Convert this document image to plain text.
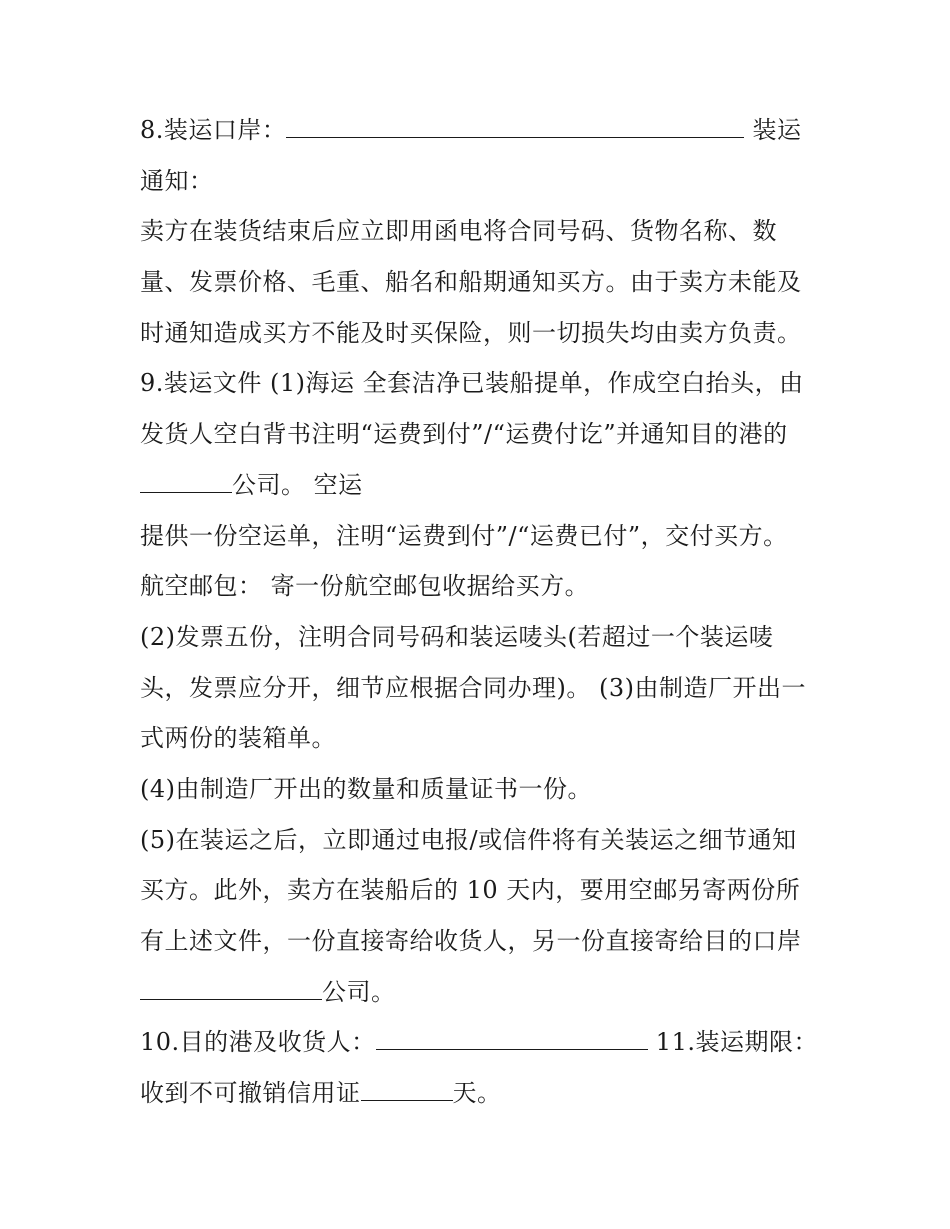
8.装运口岸：	装运
通知：
卖方在装货结束后应立即用函电将合同号码、货物名称、数
量、发票价格、毛重、船名和船期通知买方。由于卖方未能及
时通知造成买方不能及时买保险，则一切损失均由卖方负责。
9.装运文件 (1)海运 全套洁净已装船提单，作成空白抬头，由
发货人空白背书注明“运费到付”/“运费付讫”并通知目的港的
公司。 空运
提供一份空运单，注明“运费到付”/“运费已付”，交付买方。
航空邮包： 寄一份航空邮包收据给买方。
(2)发票五份，注明合同号码和装运唛头(若超过一个装运唛
头，发票应分开，细节应根据合同办理)。 (3)由制造厂开出一
式两份的装箱单。
(4)由制造厂开出的数量和质量证书一份。
(5)在装运之后，立即通过电报/或信件将有关装运之细节通知
买方。此外，卖方在装船后的 10 天内，要用空邮另寄两份所
有上述文件，一份直接寄给收货人，另一份直接寄给目的口岸
公司。
10.目的港及收货人：	11.装运期限：
收到不可撤销信用证	天。
